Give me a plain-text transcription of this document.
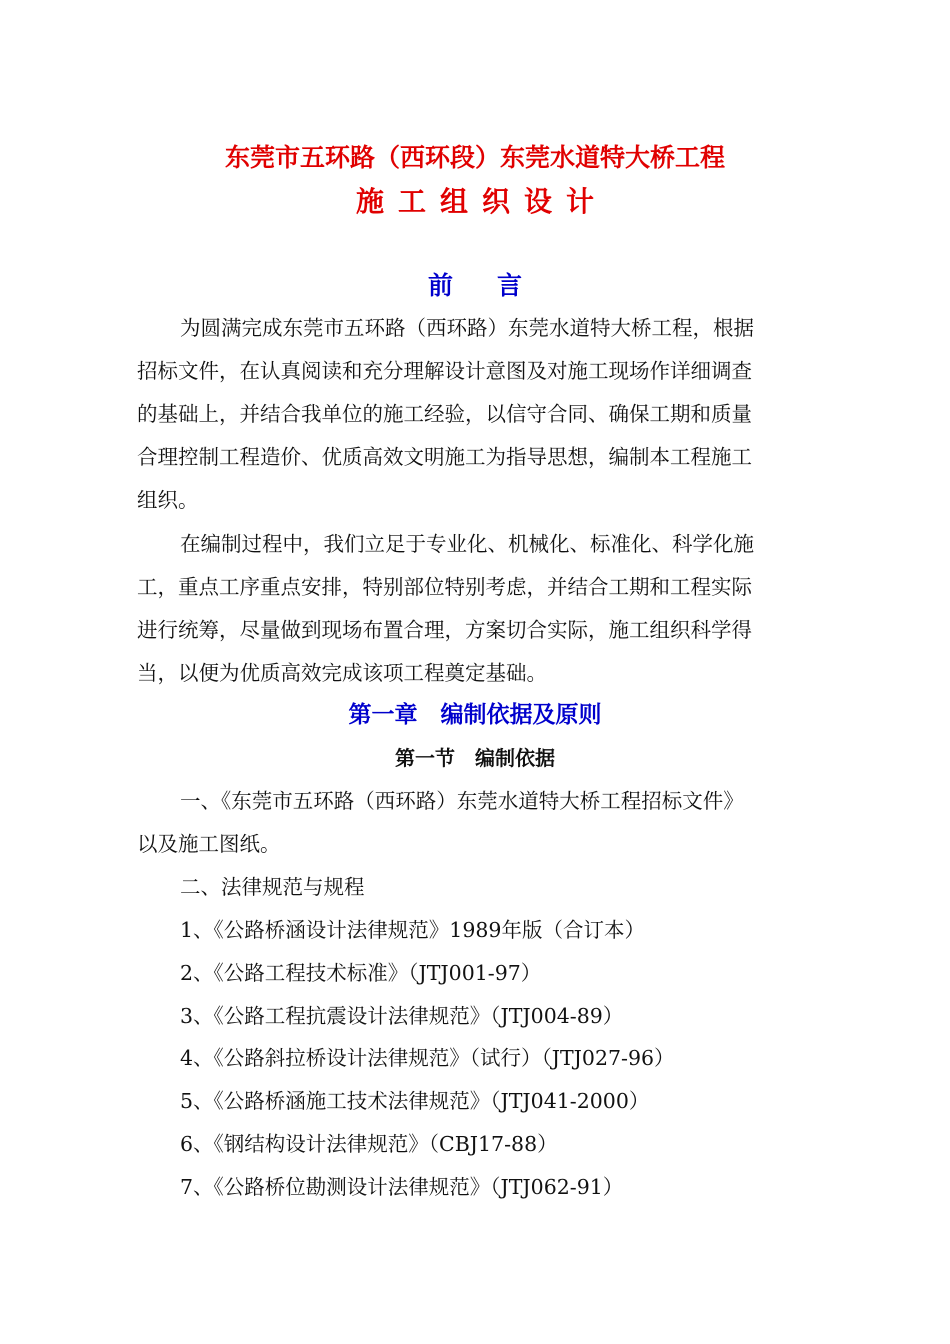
东莞市五环路（西环段）东莞水道特大桥工程
施工组织设计
前言
为圆满完成东莞市五环路（西环路）东莞水道特大桥工程，根据
招标文件，在认真阅读和充分理解设计意图及对施工现场作详细调查
的基础上，并结合我单位的施工经验，以信守合同、确保工期和质量
合理控制工程造价、优质高效文明施工为指导思想，编制本工程施工
组织。
在编制过程中，我们立足于专业化、机械化、标准化、科学化施
工，重点工序重点安排，特别部位特别考虑，并结合工期和工程实际
进行统筹，尽量做到现场布置合理，方案切合实际，施工组织科学得
当，以便为优质高效完成该项工程奠定基础。
第一章　编制依据及原则
第一节　编制依据
一、《东莞市五环路（西环路）东莞水道特大桥工程招标文件》
以及施工图纸。
二、法律规范与规程
1、《公路桥涵设计法律规范》1989年版（合订本）
2、《公路工程技术标准》（JTJ001-97）
3、《公路工程抗震设计法律规范》（JTJ004-89）
4、《公路斜拉桥设计法律规范》（试行）（JTJ027-96）
5、《公路桥涵施工技术法律规范》（JTJ041-2000）
6、《钢结构设计法律规范》（CBJ17-88）
7、《公路桥位勘测设计法律规范》（JTJ062-91）
